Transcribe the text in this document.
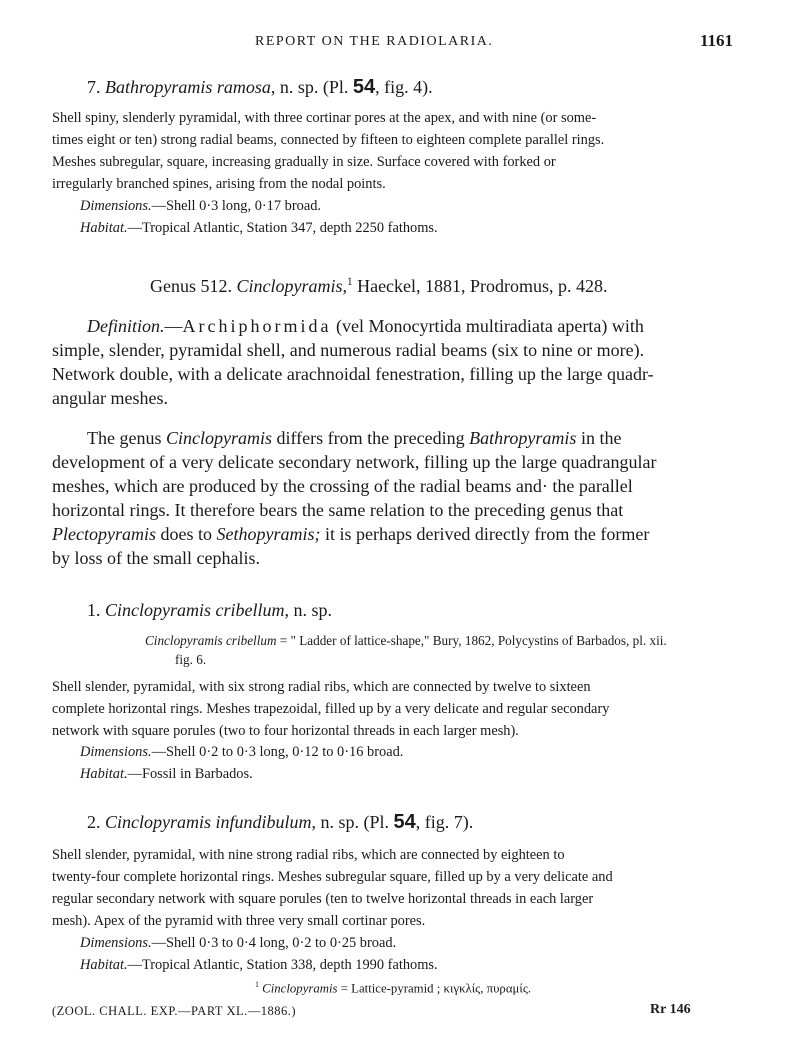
REPORT ON THE RADIOLARIA.	1161
7. Bathropyramis ramosa, n. sp. (Pl. 54, fig. 4).
Shell spiny, slenderly pyramidal, with three cortinar pores at the apex, and with nine (or some-
times eight or ten) strong radial beams, connected by fifteen to eighteen complete parallel rings.
Meshes subregular, square, increasing gradually in size. Surface covered with forked or
irregularly branched spines, arising from the nodal points.
Dimensions.—Shell 0·3 long, 0·17 broad.
Habitat.—Tropical Atlantic, Station 347, depth 2250 fathoms.
Genus 512. Cinclopyramis,$^1$ Haeckel, 1881, Prodromus, p. 428.
Definition.—Archiphormida (vel Monocyrtida multiradiata aperta) with
simple, slender, pyramidal shell, and numerous radial beams (six to nine or more).
Network double, with a delicate arachnoidal fenestration, filling up the large quadr-
angular meshes.
The genus Cinclopyramis differs from the preceding Bathropyramis in the
development of a very delicate secondary network, filling up the large quadrangular
meshes, which are produced by the crossing of the radial beams and· the parallel
horizontal rings. It therefore bears the same relation to the preceding genus that
Plectopyramis does to Sethopyramis; it is perhaps derived directly from the former
by loss of the small cephalis.
1. Cinclopyramis cribellum, n. sp.
Cinclopyramis cribellum = " Ladder of lattice-shape," Bury, 1862, Polycystins of Barbados, pl. xii.
fig. 6.
Shell slender, pyramidal, with six strong radial ribs, which are connected by twelve to sixteen
complete horizontal rings. Meshes trapezoidal, filled up by a very delicate and regular secondary
network with square porules (two to four horizontal threads in each larger mesh).
Dimensions.—Shell 0·2 to 0·3 long, 0·12 to 0·16 broad.
Habitat.—Fossil in Barbados.
2. Cinclopyramis infundibulum, n. sp. (Pl. 54, fig. 7).
Shell slender, pyramidal, with nine strong radial ribs, which are connected by eighteen to
twenty-four complete horizontal rings. Meshes subregular square, filled up by a very delicate and
regular secondary network with square porules (ten to twelve horizontal threads in each larger
mesh). Apex of the pyramid with three very small cortinar pores.
Dimensions.—Shell 0·3 to 0·4 long, 0·2 to 0·25 broad.
Habitat.—Tropical Atlantic, Station 338, depth 1990 fathoms.
$^1$ Cinclopyramis = Lattice-pyramid ; κιγκλίς, πυραμίς.
(ZOOL. CHALL. EXP.—PART XL.—1886.)	Rr 146
